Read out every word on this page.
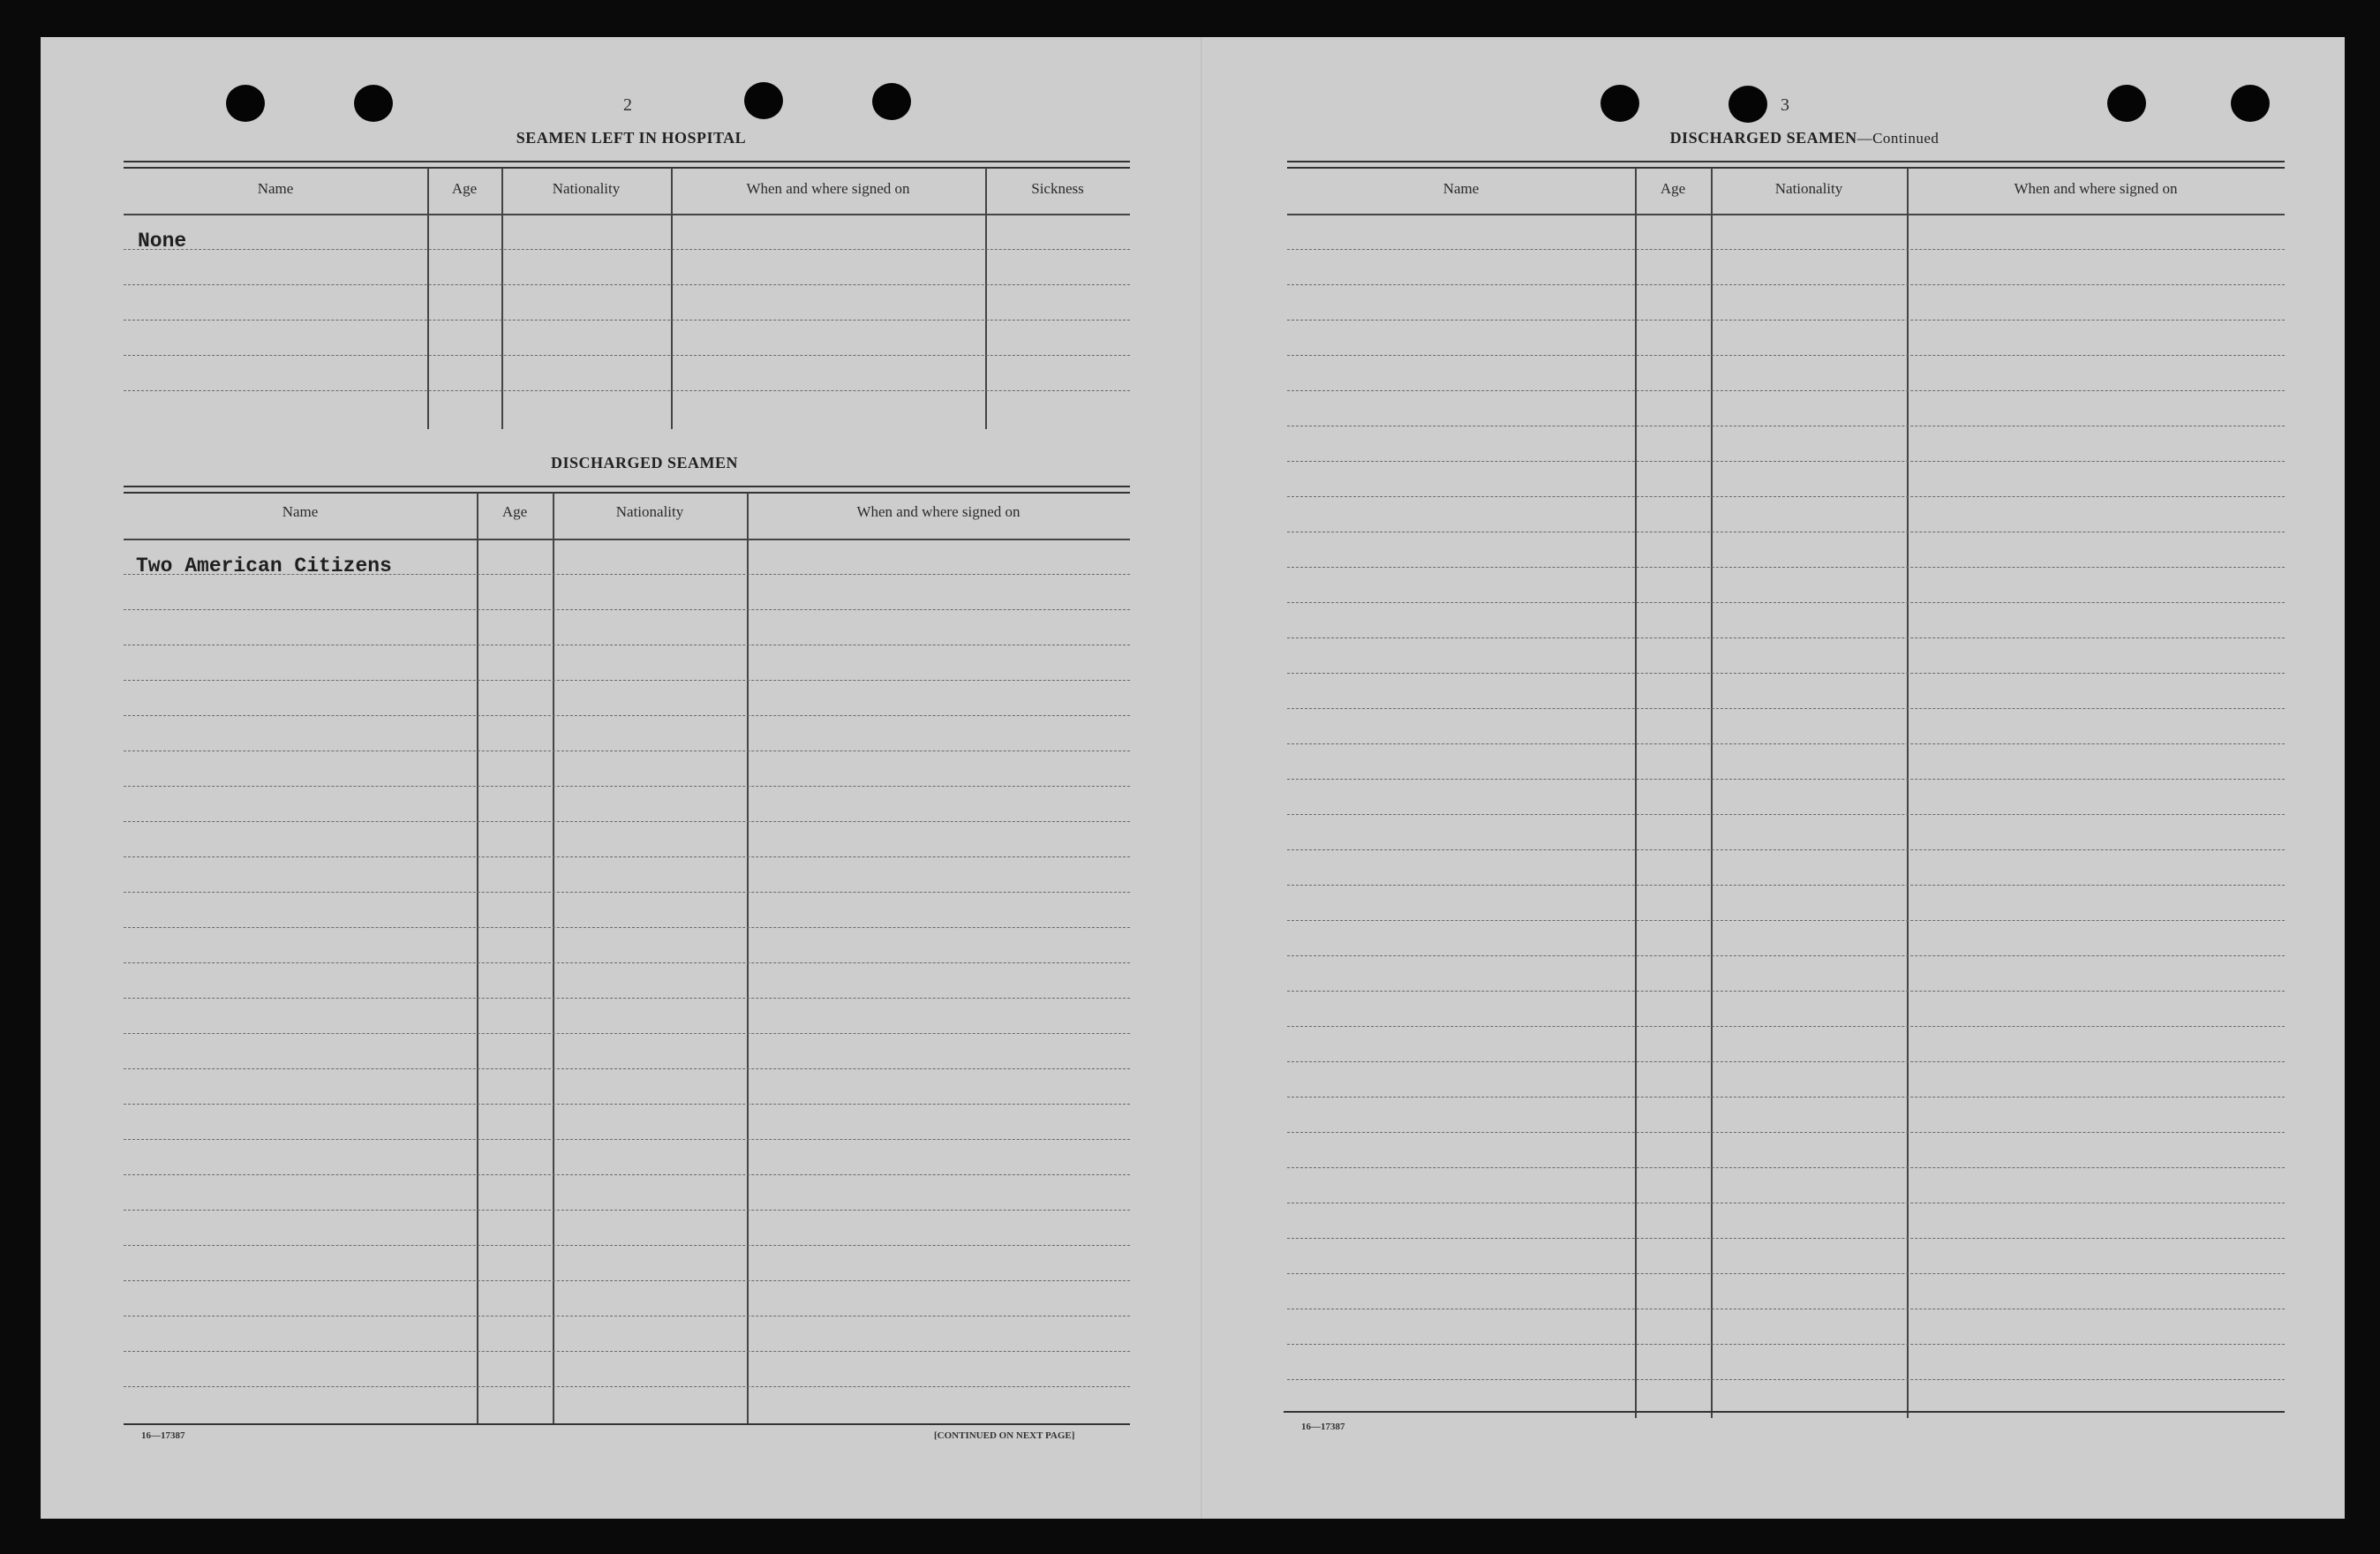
2
SEAMEN LEFT IN HOSPITAL
Name	Age	Nationality	When and where signed on	Sickness
None
DISCHARGED SEAMEN
Name	Age	Nationality	When and where signed on
Two American Citizens
16—17387	[CONTINUED ON NEXT PAGE]
3
DISCHARGED SEAMEN—Continued
Name	Age	Nationality	When and where signed on
16—17387
